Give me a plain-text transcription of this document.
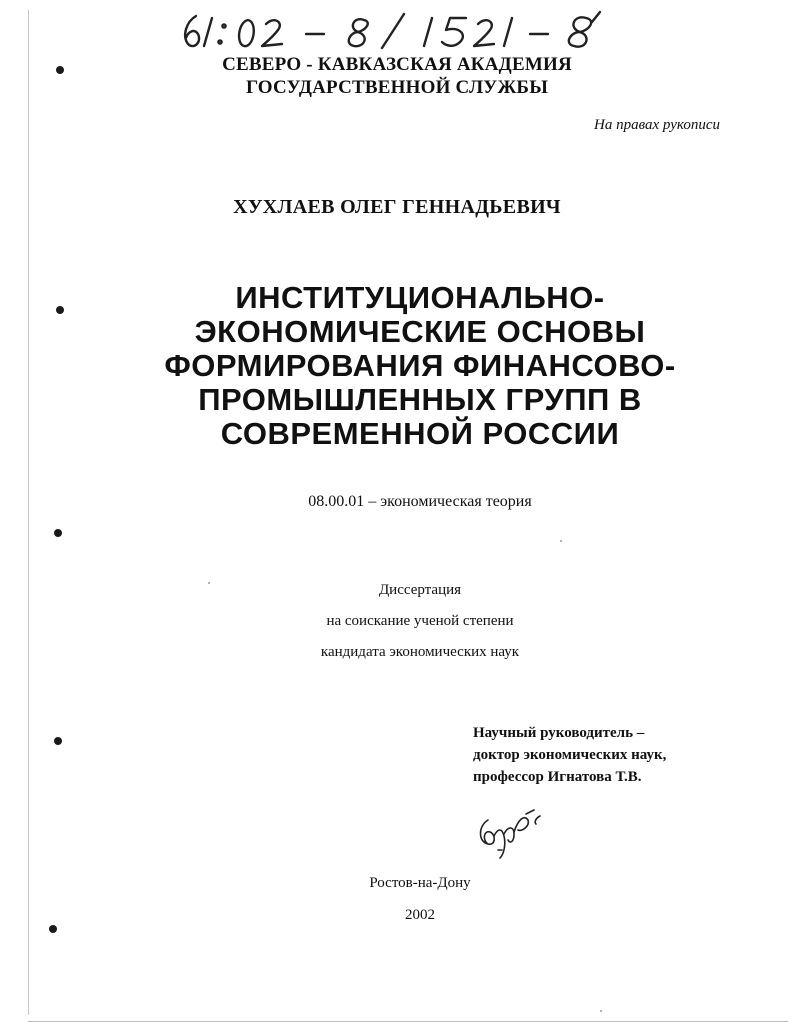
СЕВЕРО - КАВКАЗСКАЯ АКАДЕМИЯ
ГОСУДАРСТВЕННОЙ СЛУЖБЫ
На правах рукописи
ХУХЛАЕВ ОЛЕГ ГЕННАДЬЕВИЧ
ИНСТИТУЦИОНАЛЬНО-
ЭКОНОМИЧЕСКИЕ ОСНОВЫ
ФОРМИРОВАНИЯ ФИНАНСОВО-
ПРОМЫШЛЕННЫХ ГРУПП В
СОВРЕМЕННОЙ РОССИИ
08.00.01 – экономическая теория
Диссертация
на соискание ученой степени
кандидата экономических наук
Научный руководитель –
доктор экономических наук,
профессор Игнатова Т.В.
Ростов-на-Дону
2002
